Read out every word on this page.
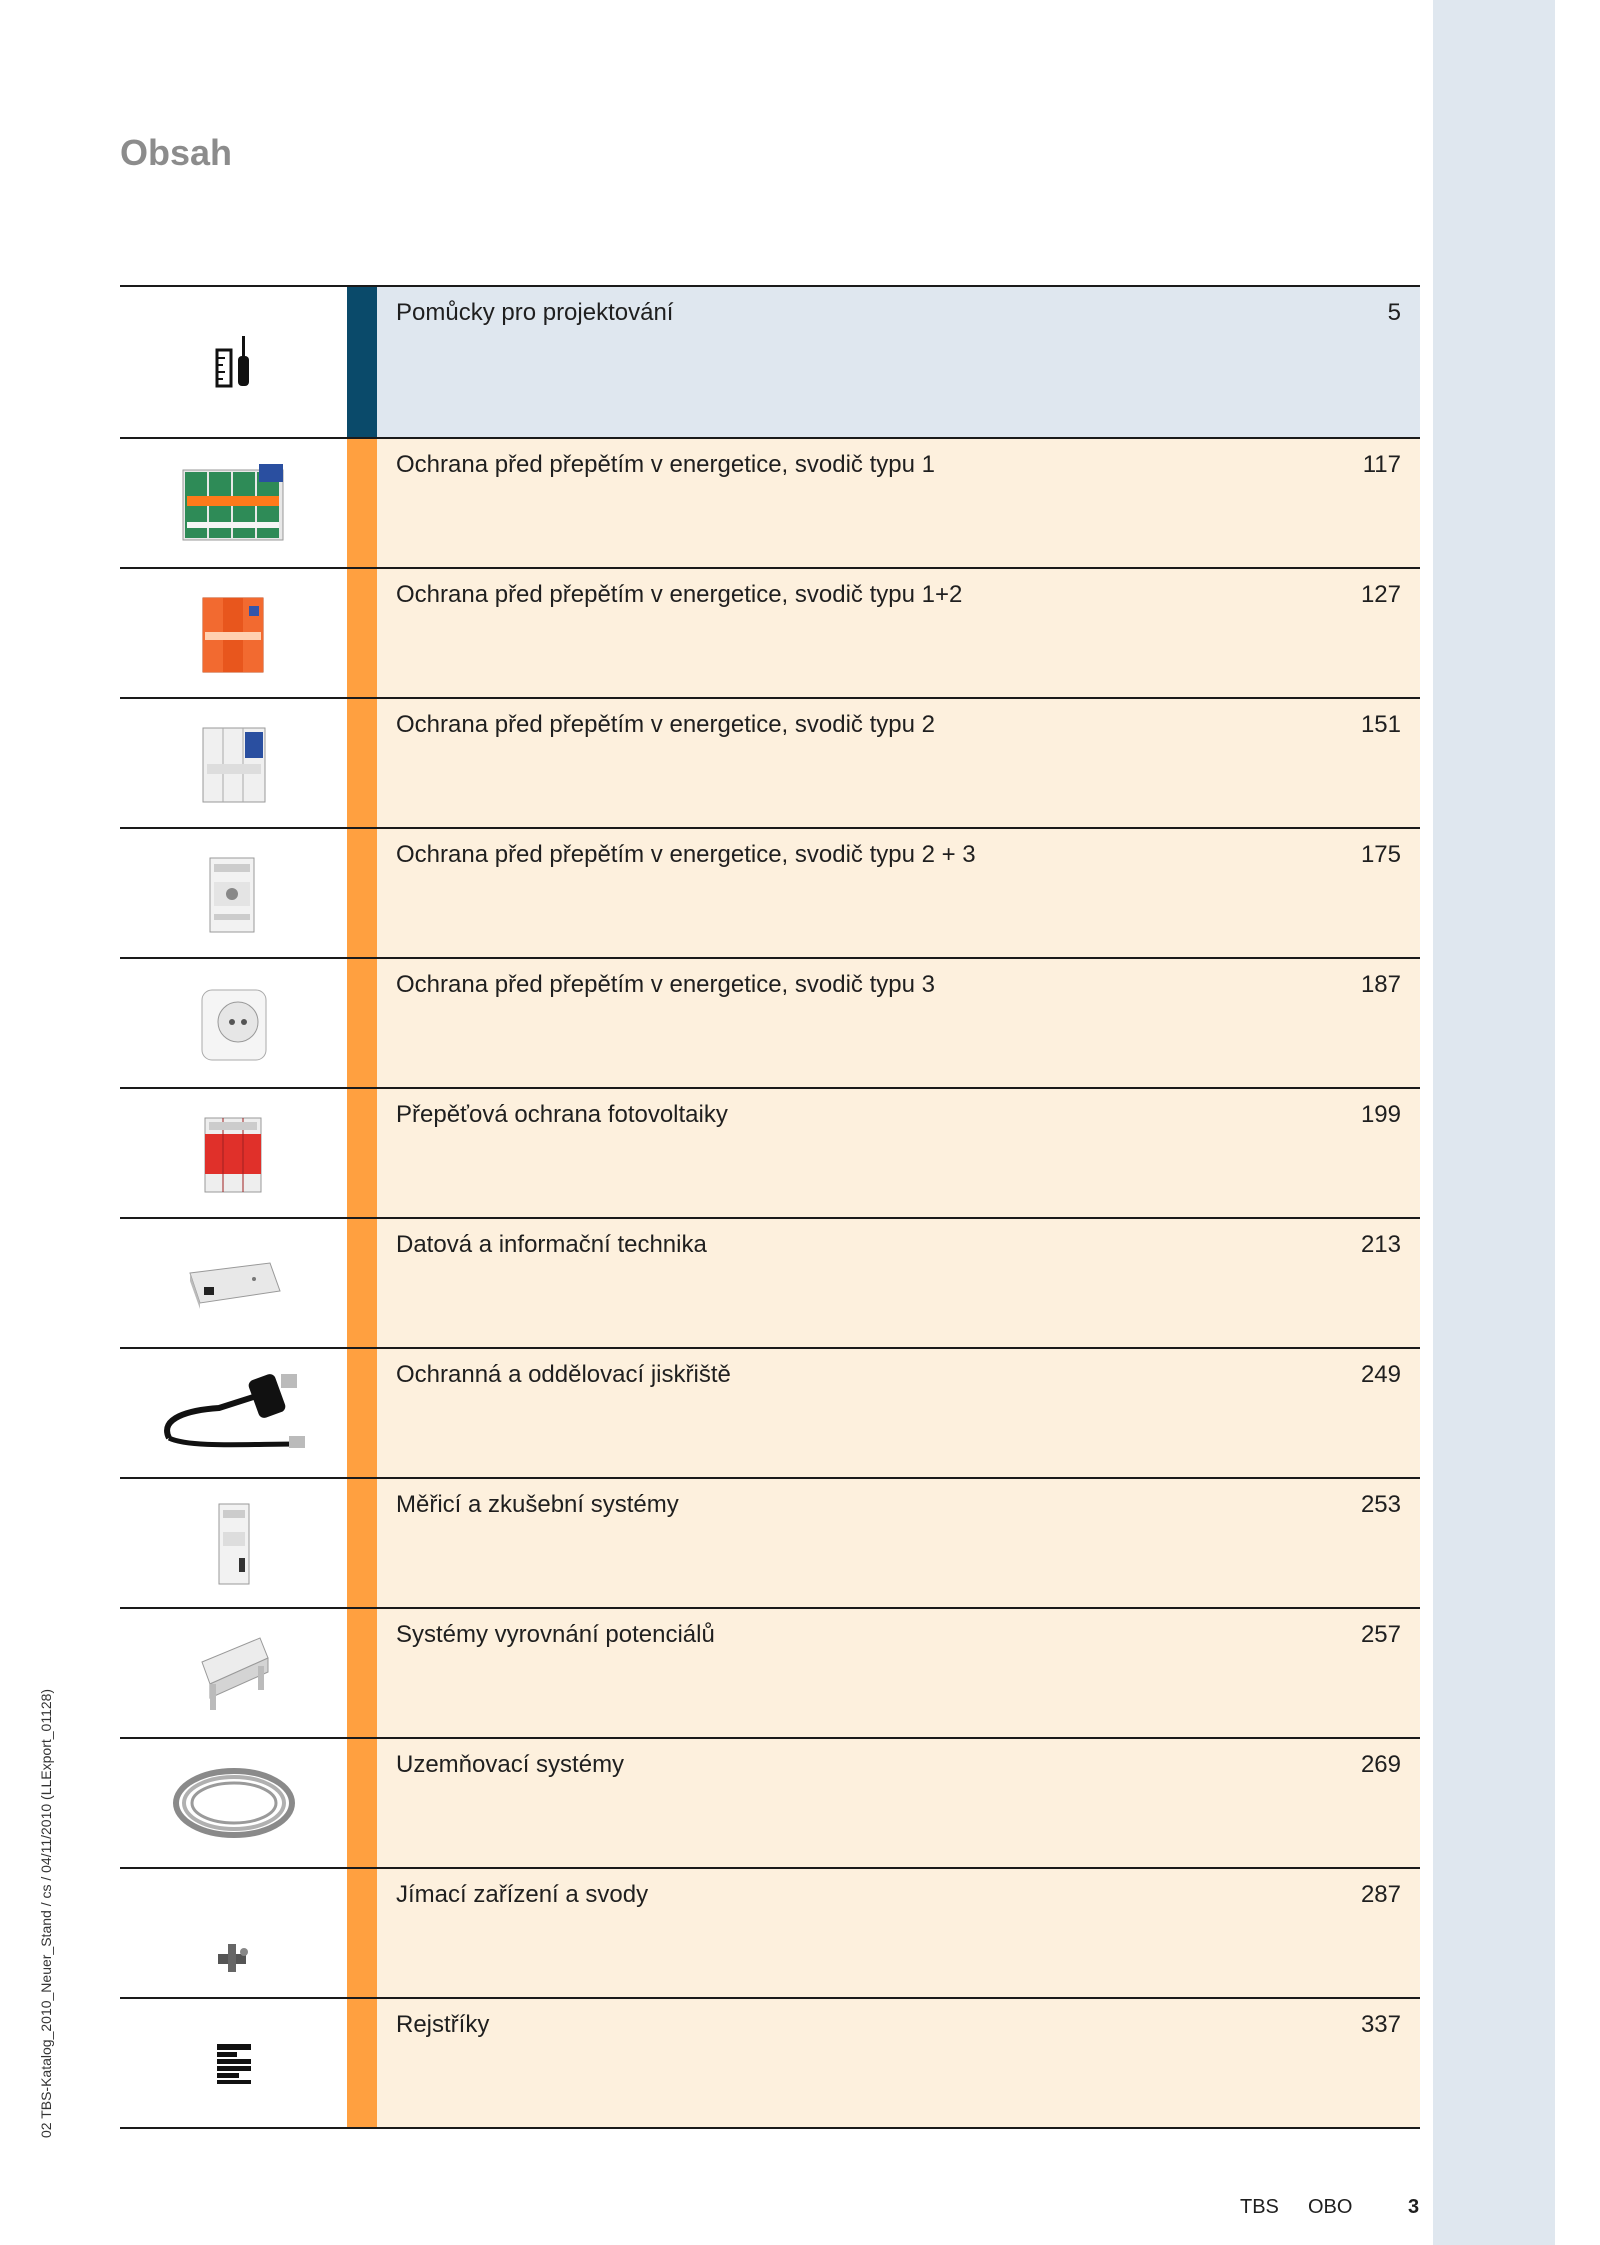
Obsah
02 TBS-Katalog_2010_Neuer_Stand / cs / 04/11/2010 (LLExport_01128)
Pomůcky pro projektování	5
Ochrana před přepětím v energetice, svodič typu 1	117
Ochrana před přepětím v energetice, svodič typu 1+2	127
Ochrana před přepětím v energetice, svodič typu 2	151
Ochrana před přepětím v energetice, svodič typu 2 + 3	175
Ochrana před přepětím v energetice, svodič typu 3	187
Přepěťová ochrana fotovoltaiky	199
Datová a informační technika	213
Ochranná a oddělovací jiskřiště	249
Měřicí a zkušební systémy	253
Systémy vyrovnání potenciálů	257
Uzemňovací systémy	269
Jímací zařízení a svody	287
Rejstříky	337
TBS OBO	3
